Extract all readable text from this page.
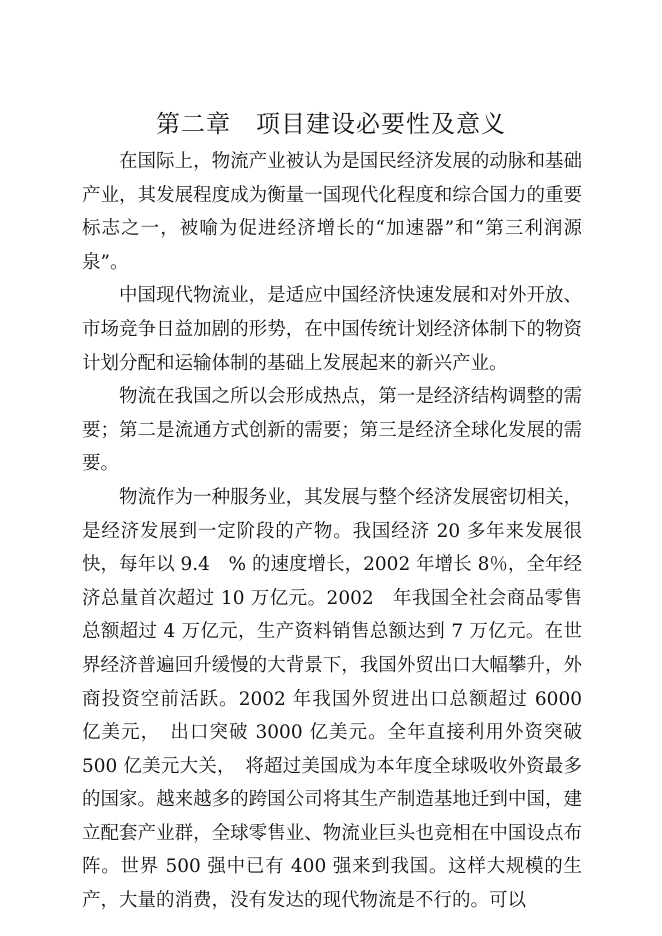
第二章　项目建设必要性及意义

在国际上，物流产业被认为是国民经济发展的动脉和基础产业，其发展程度成为衡量一国现代化程度和综合国力的重要标志之一，被喻为促进经济增长的“加速器”和“第三利润源泉”。

中国现代物流业，是适应中国经济快速发展和对外开放、市场竞争日益加剧的形势，在中国传统计划经济体制下的物资计划分配和运输体制的基础上发展起来的新兴产业。

物流在我国之所以会形成热点，第一是经济结构调整的需要；第二是流通方式创新的需要；第三是经济全球化发展的需要。

物流作为一种服务业，其发展与整个经济发展密切相关，是经济发展到一定阶段的产物。我国经济 20 多年来发展很快，每年以 9.4　% 的速度增长，2002 年增长 8％，全年经济总量首次超过 10 万亿元。2002　年我国全社会商品零售总额超过 4 万亿元，生产资料销售总额达到 7 万亿元。在世界经济普遍回升缓慢的大背景下，我国外贸出口大幅攀升，外商投资空前活跃。2002 年我国外贸进出口总额超过 6000　亿美元，　出口突破 3000 亿美元。全年直接利用外资突破 500 亿美元大关，　将超过美国成为本年度全球吸收外资最多的国家。越来越多的跨国公司将其生产制造基地迁到中国，建立配套产业群，全球零售业、物流业巨头也竞相在中国设点布阵。世界 500 强中已有 400 强来到我国。这样大规模的生产，大量的消费，没有发达的现代物流是不行的。可以
